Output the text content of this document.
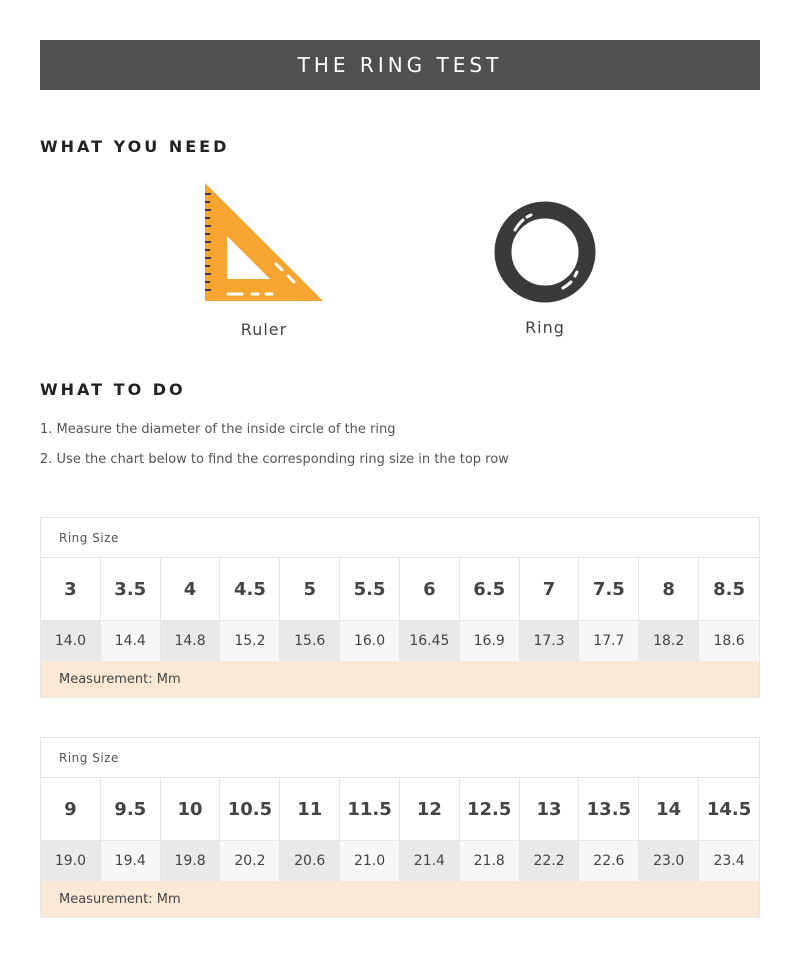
THE RING TEST
WHAT YOU NEED
Ruler	Ring
WHAT TO DO
1. Measure the diameter of the inside circle of the ring
2. Use the chart below to find the corresponding ring size in the top row
Ring Size
3	3.5	4	4.5	5	5.5	6	6.5	7	7.5	8	8.5
14.0	14.4	14.8	15.2	15.6	16.0	16.45	16.9	17.3	17.7	18.2	18.6
Measurement: Mm
Ring Size
9	9.5	10	10.5	11	11.5	12	12.5	13	13.5	14	14.5
19.0	19.4	19.8	20.2	20.6	21.0	21.4	21.8	22.2	22.6	23.0	23.4
Measurement: Mm
